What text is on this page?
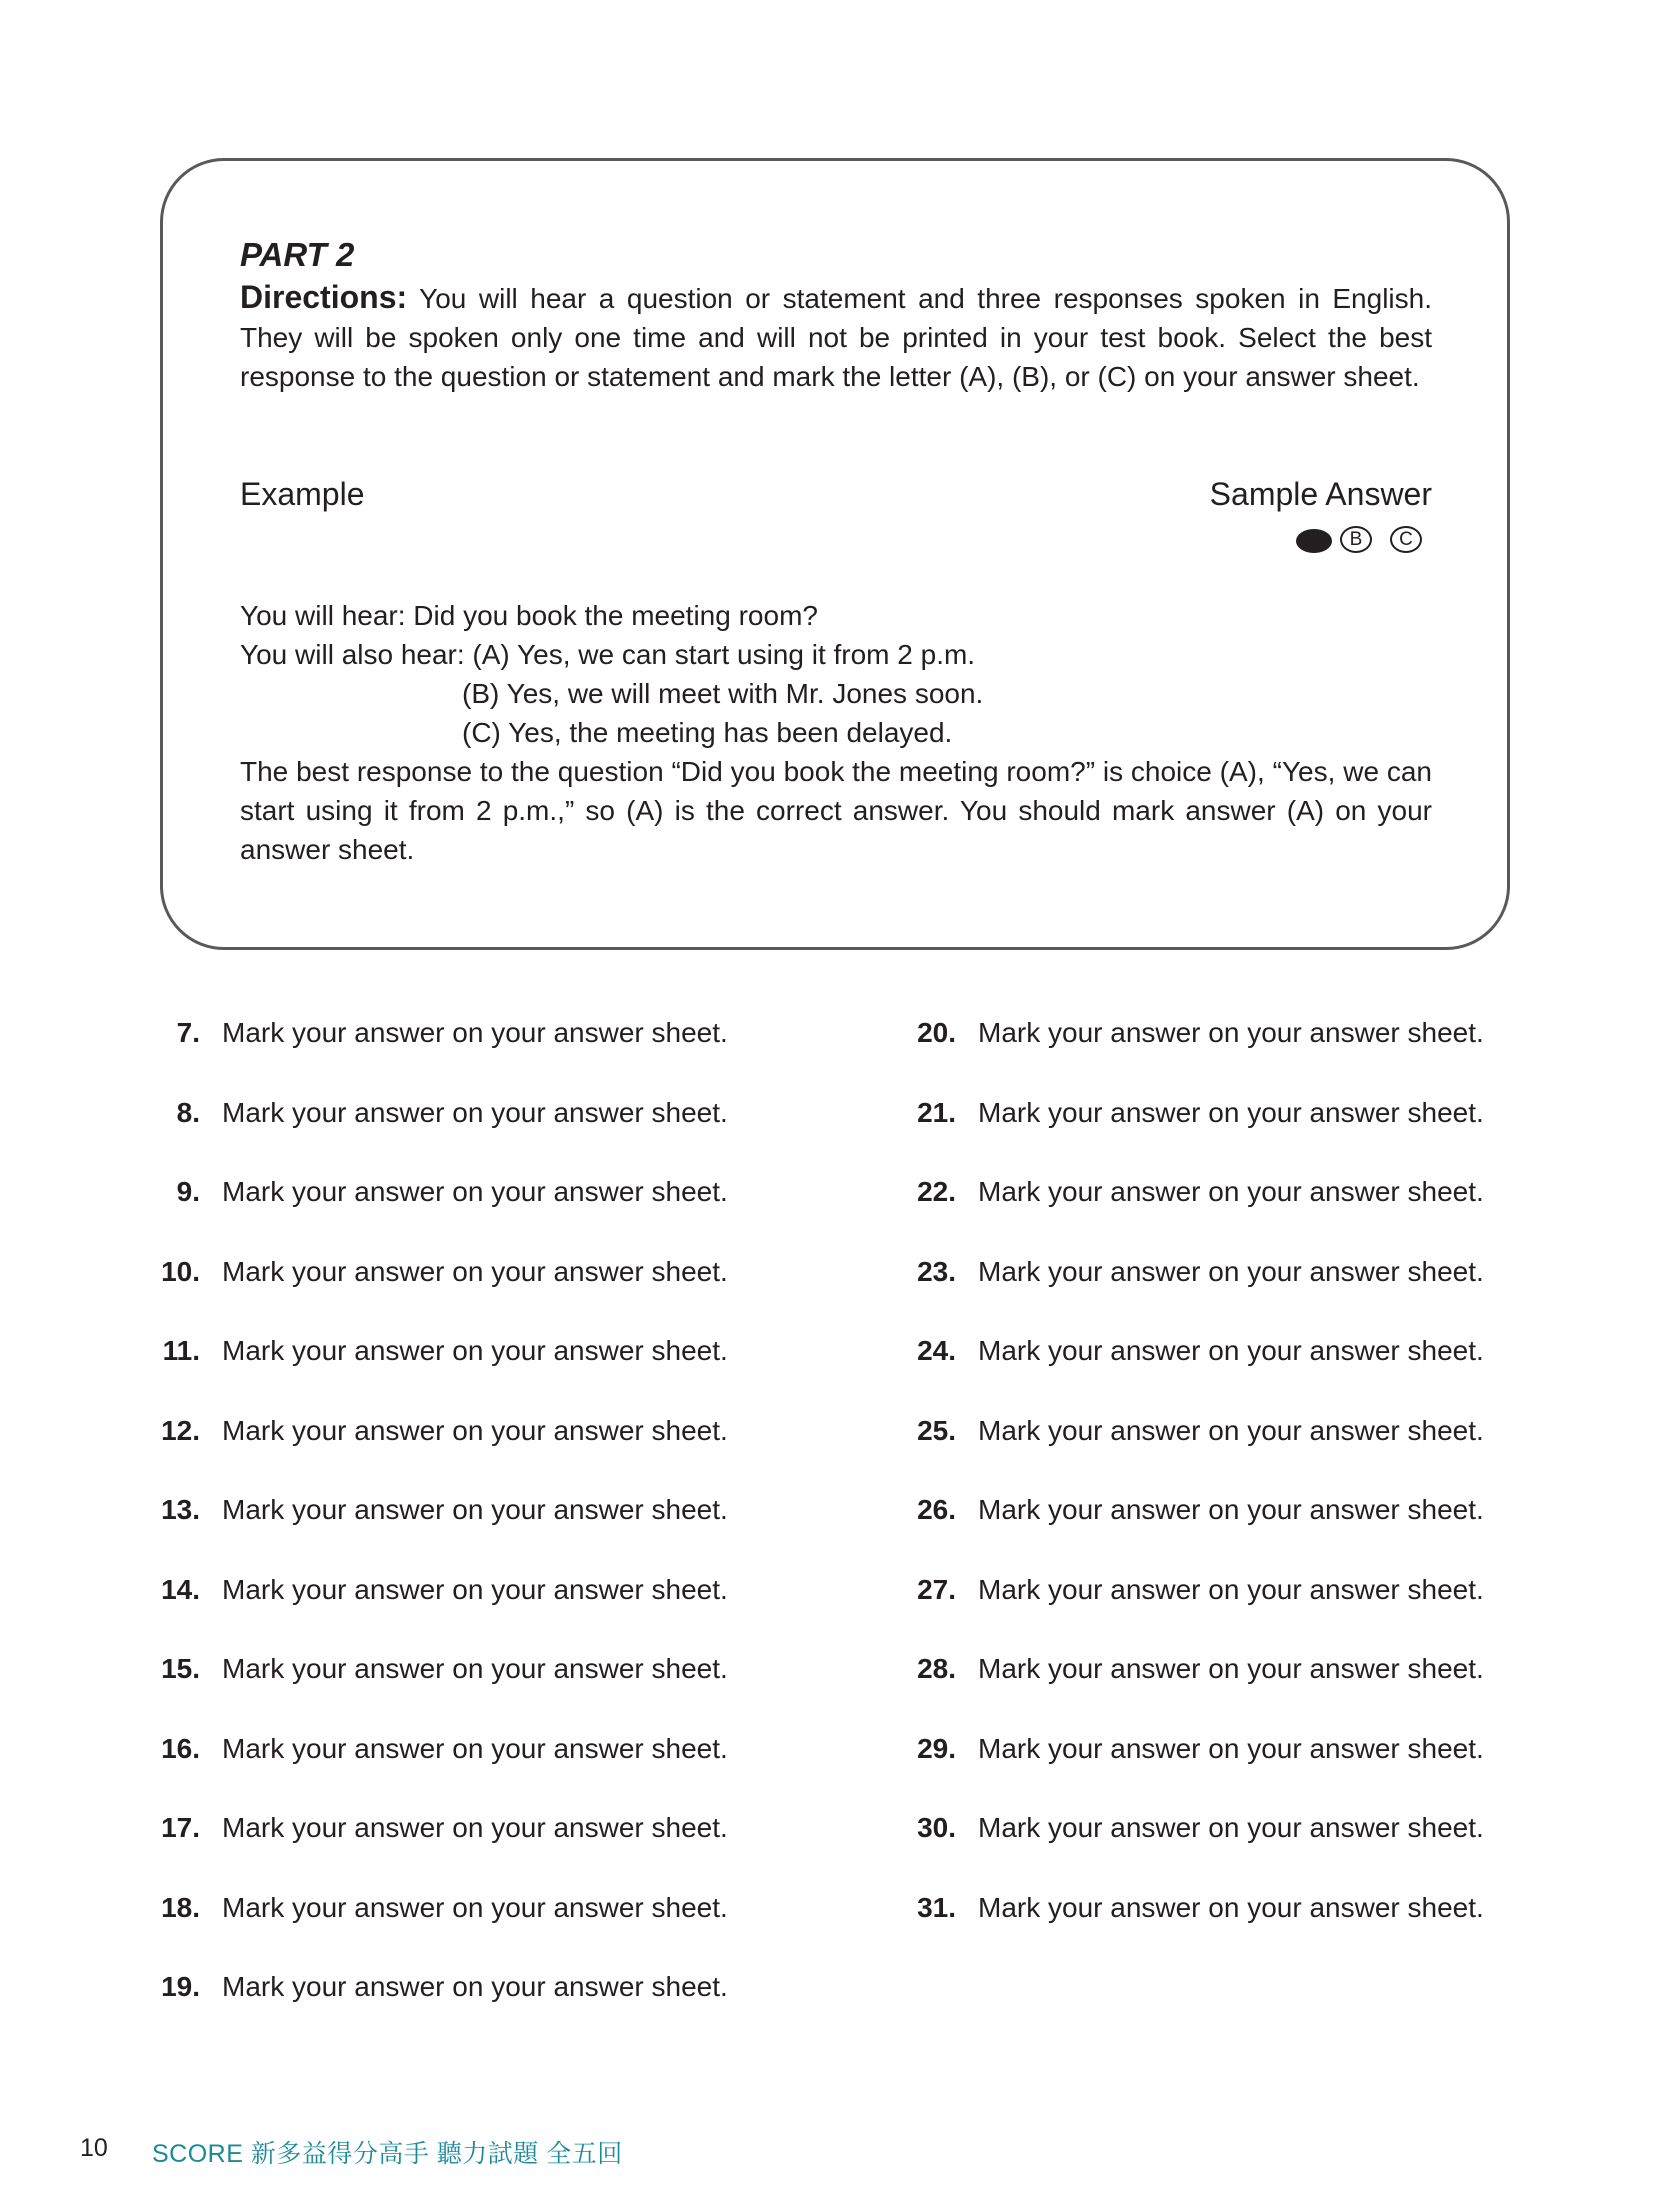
PART 2
Directions: You will hear a question or statement and three responses spoken in English. They will be spoken only one time and will not be printed in your test book. Select the best response to the question or statement and mark the letter (A), (B), or (C) on your answer sheet.
Example	Sample Answer
B	C

You will hear: Did you book the meeting room?

You will also hear: (A) Yes, we can start using it from 2 p.m.

(B) Yes, we will meet with Mr. Jones soon.

(C) Yes, the meeting has been delayed.

The best response to the question “Did you book the meeting room?” is choice (A), “Yes, we can start using it from 2 p.m.,” so (A) is the correct answer. You should mark answer (A) on your answer sheet.

7. Mark your answer on your answer sheet.
8. Mark your answer on your answer sheet.
9. Mark your answer on your answer sheet.
10. Mark your answer on your answer sheet.
11. Mark your answer on your answer sheet.
12. Mark your answer on your answer sheet.
13. Mark your answer on your answer sheet.
14. Mark your answer on your answer sheet.
15. Mark your answer on your answer sheet.
16. Mark your answer on your answer sheet.
17. Mark your answer on your answer sheet.
18. Mark your answer on your answer sheet.
19. Mark your answer on your answer sheet.
20. Mark your answer on your answer sheet.
21. Mark your answer on your answer sheet.
22. Mark your answer on your answer sheet.
23. Mark your answer on your answer sheet.
24. Mark your answer on your answer sheet.
25. Mark your answer on your answer sheet.
26. Mark your answer on your answer sheet.
27. Mark your answer on your answer sheet.
28. Mark your answer on your answer sheet.
29. Mark your answer on your answer sheet.
30. Mark your answer on your answer sheet.
31. Mark your answer on your answer sheet.
10 SCORE 新多益得分高手 聽力試題 全五回
